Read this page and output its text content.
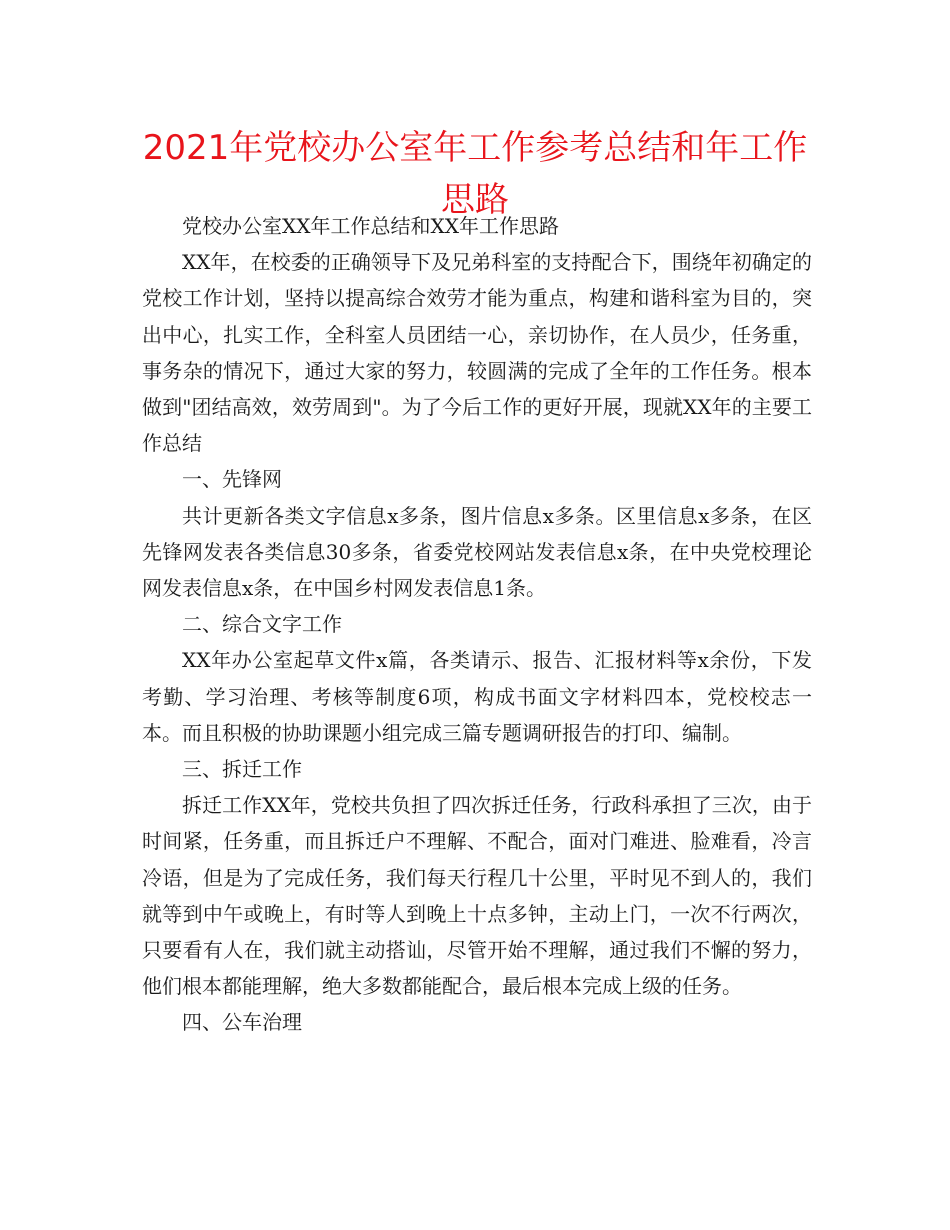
2021年党校办公室年工作参考总结和年工作思路

党校办公室XX年工作总结和XX年工作思路

XX年，在校委的正确领导下及兄弟科室的支持配合下，围绕年初确定的党校工作计划，坚持以提高综合效劳才能为重点，构建和谐科室为目的，突出中心，扎实工作，全科室人员团结一心，亲切协作，在人员少，任务重，事务杂的情况下，通过大家的努力，较圆满的完成了全年的工作任务。根本做到"团结高效，效劳周到"。为了今后工作的更好开展，现就XX年的主要工作总结

一、先锋网

共计更新各类文字信息x多条，图片信息x多条。区里信息x多条，在区先锋网发表各类信息30多条，省委党校网站发表信息x条，在中央党校理论网发表信息x条，在中国乡村网发表信息1条。

二、综合文字工作

XX年办公室起草文件x篇，各类请示、报告、汇报材料等x余份，下发考勤、学习治理、考核等制度6项，构成书面文字材料四本，党校校志一本。而且积极的协助课题小组完成三篇专题调研报告的打印、编制。

三、拆迁工作

拆迁工作XX年，党校共负担了四次拆迁任务，行政科承担了三次，由于时间紧，任务重，而且拆迁户不理解、不配合，面对门难进、脸难看，冷言冷语，但是为了完成任务，我们每天行程几十公里，平时见不到人的，我们就等到中午或晚上，有时等人到晚上十点多钟，主动上门，一次不行两次，只要看有人在，我们就主动搭讪，尽管开始不理解，通过我们不懈的努力，他们根本都能理解，绝大多数都能配合，最后根本完成上级的任务。

四、公车治理
